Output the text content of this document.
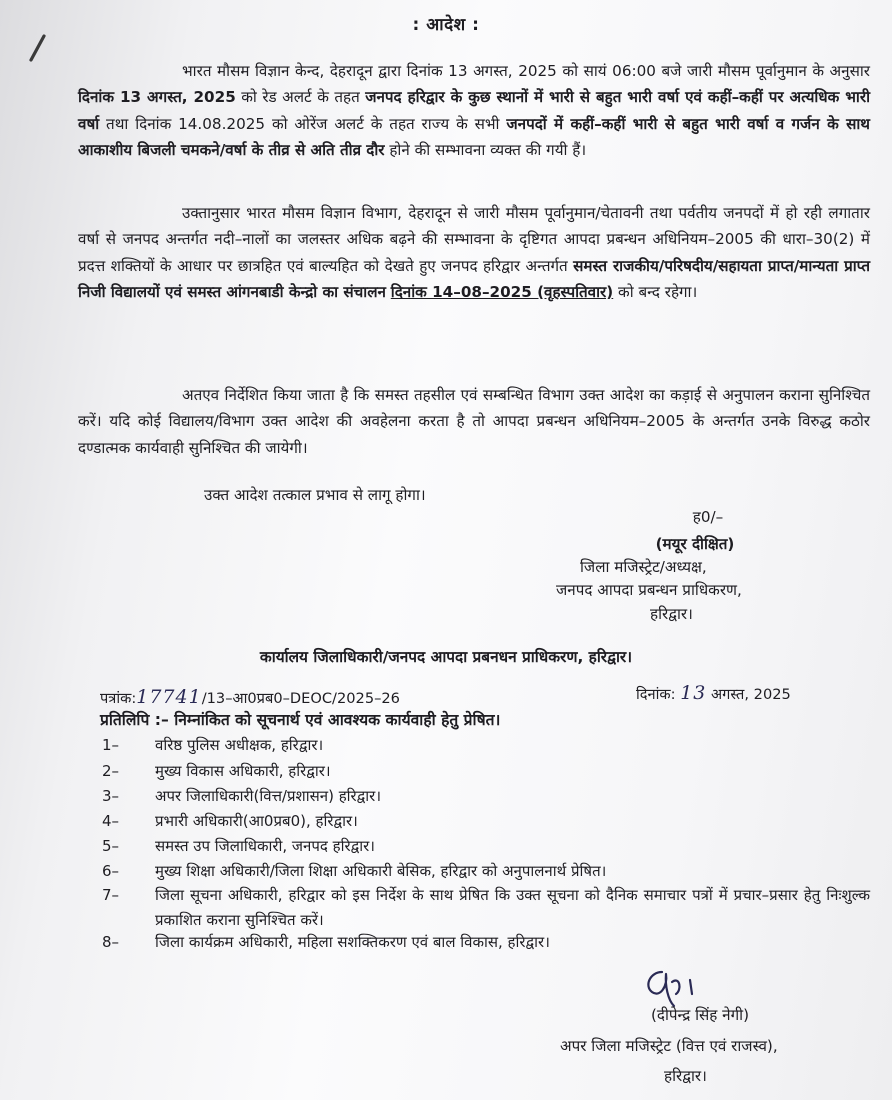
: आदेश :
भारत मौसम विज्ञान केन्द, देहरादून द्वारा दिनांक 13 अगस्त, 2025 को सायं 06:00 बजे जारी मौसम पूर्वानुमान के अनुसार दिनांक 13 अगस्त, 2025 को रेड अलर्ट के तहत जनपद हरिद्वार के कुछ स्थानों में भारी से बहुत भारी वर्षा एवं कहीं–कहीं पर अत्यधिक भारी वर्षा तथा दिनांक 14.08.2025 को ओरेंज अलर्ट के तहत राज्य के सभी जनपदों में कहीं–कहीं भारी से बहुत भारी वर्षा व गर्जन के साथ आकाशीय बिजली चमकने/वर्षा के तीव्र से अति तीव्र दौर होने की सम्भावना व्यक्त की गयी हैं।
उक्तानुसार भारत मौसम विज्ञान विभाग, देहरादून से जारी मौसम पूर्वानुमान/चेतावनी तथा पर्वतीय जनपदों में हो रही लगातार वर्षा से जनपद अन्तर्गत नदी–नालों का जलस्तर अधिक बढ़ने की सम्भावना के दृष्टिगत आपदा प्रबन्धन अधिनियम–2005 की धारा–30(2) में प्रदत्त शक्तियों के आधार पर छात्रहित एवं बाल्यहित को देखते हुए जनपद हरिद्वार अन्तर्गत समस्त राजकीय/परिषदीय/सहायता प्राप्त/मान्यता प्राप्त निजी विद्यालयों एवं समस्त आंगनबाडी केन्द्रो का संचालन दिनांक 14–08–2025 (वृहस्पतिवार) को बन्द रहेगा।
अतएव निर्देशित किया जाता है कि समस्त तहसील एवं सम्बन्धित विभाग उक्त आदेश का कड़ाई से अनुपालन कराना सुनिश्चित करें। यदि कोई विद्यालय/विभाग उक्त आदेश की अवहेलना करता है तो आपदा प्रबन्धन अधिनियम–2005 के अन्तर्गत उनके विरुद्ध कठोर दण्डात्मक कार्यवाही सुनिश्चित की जायेगी।
उक्त आदेश तत्काल प्रभाव से लागू होगा।
ह0/–
(मयूर दीक्षित)
जिला मजिस्ट्रेट/अध्यक्ष,
जनपद आपदा प्रबन्धन प्राधिकरण,
हरिद्वार।
कार्यालय जिलाधिकारी/जनपद आपदा प्रबनधन प्राधिकरण, हरिद्वार।
पत्रांक:17741/13–आ0प्रब0–DEOC/2025–26	दिनांक: 13 अगस्त, 2025
प्रतिलिपि :– निम्नांकित को सूचनार्थ एवं आवश्यक कार्यवाही हेतु प्रेषित।
1–	वरिष्ठ पुलिस अधीक्षक, हरिद्वार।
2–	मुख्य विकास अधिकारी, हरिद्वार।
3–	अपर जिलाधिकारी(वित्त/प्रशासन) हरिद्वार।
4–	प्रभारी अधिकारी(आ0प्रब0), हरिद्वार।
5–	समस्त उप जिलाधिकारी, जनपद हरिद्वार।
6–	मुख्य शिक्षा अधिकारी/जिला शिक्षा अधिकारी बेसिक, हरिद्वार को अनुपालनार्थ प्रेषित।
7–	जिला सूचना अधिकारी, हरिद्वार को इस निर्देश के साथ प्रेषित कि उक्त सूचना को दैनिक समाचार पत्रों में प्रचार–प्रसार हेतु निःशुल्क प्रकाशित कराना सुनिश्चित करें।
8–	जिला कार्यक्रम अधिकारी, महिला सशक्तिकरण एवं बाल विकास, हरिद्वार।
(दीपेन्द्र सिंह नेगी)
अपर जिला मजिस्ट्रेट (वित्त एवं राजस्व),
हरिद्वार।
